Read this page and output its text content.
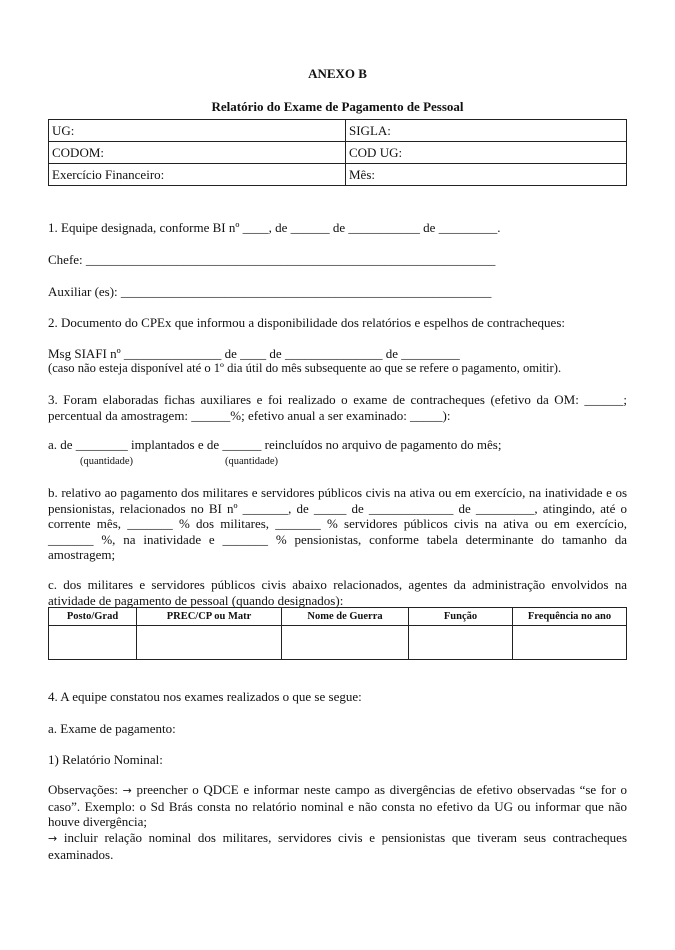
ANEXO B
Relatório do Exame de Pagamento de Pessoal
UG:	SIGLA:
CODOM:	COD UG:
Exercício Financeiro:	Mês:
1. Equipe designada, conforme BI nº ____, de ______ de ___________ de _________.
Chefe: _______________________________________________________________
Auxiliar (es): _________________________________________________________
2. Documento do CPEx que informou a disponibilidade dos relatórios e espelhos de contracheques:
Msg SIAFI nº _______________ de ____ de _______________ de _________
(caso não esteja disponível até o 1º dia útil do mês subsequente ao que se refere o pagamento, omitir).
3. Foram elaboradas fichas auxiliares e foi realizado o exame de contracheques (efetivo da OM: ______; percentual da amostragem: ______%; efetivo anual a ser examinado: _____):
a. de ________ implantados e de ______ reincluídos no arquivo de pagamento do mês;
(quantidade)	(quantidade)
b. relativo ao pagamento dos militares e servidores públicos civis na ativa ou em exercício, na inatividade e os pensionistas, relacionados no BI nº _______, de _____ de _____________ de _________, atingindo, até o corrente mês, _______ % dos militares, _______ % servidores públicos civis na ativa ou em exercício, _______ %, na inatividade e _______ % pensionistas, conforme tabela determinante do tamanho da amostragem;
c. dos militares e servidores públicos civis abaixo relacionados, agentes da administração envolvidos na atividade de pagamento de pessoal (quando designados):
Posto/Grad	PREC/CP ou Matr	Nome de Guerra	Função	Frequência no ano

4. A equipe constatou nos exames realizados o que se segue:
a. Exame de pagamento:
1) Relatório Nominal:
Observações: → preencher o QDCE e informar neste campo as divergências de efetivo observadas “se for o caso”. Exemplo: o Sd Brás consta no relatório nominal e não consta no efetivo da UG ou informar que não houve divergência;
→ incluir relação nominal dos militares, servidores civis e pensionistas que tiveram seus contracheques examinados.
